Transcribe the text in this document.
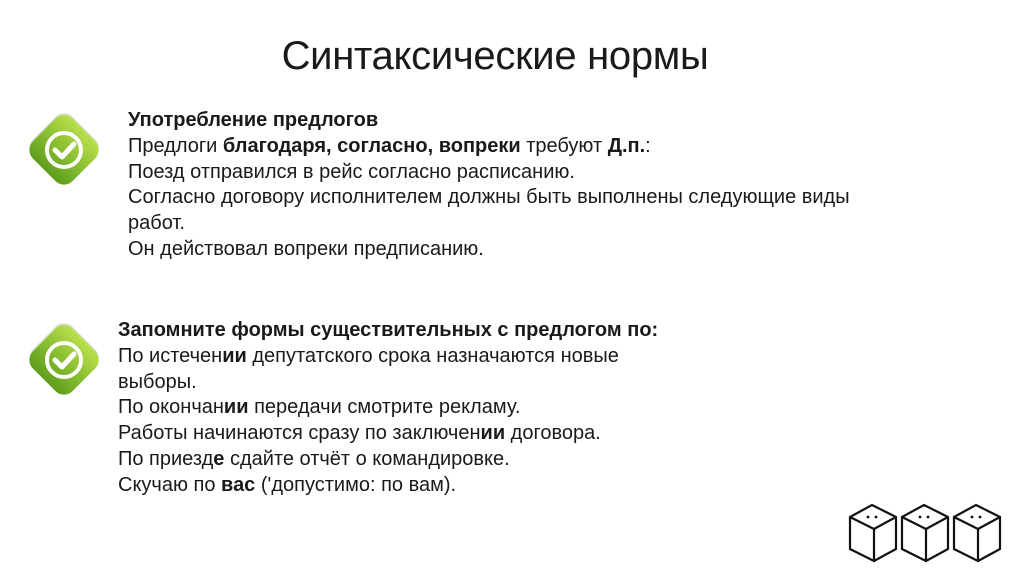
Синтаксические нормы
Употребление предлогов
Предлоги благодаря, согласно, вопреки требуют Д.п.:
Поезд отправился в рейс согласно расписанию.
Согласно договору исполнителем должны быть выполнены следующие виды
работ.
Он действовал вопреки предписанию.
Запомните формы существительных с предлогом по:
По истечении депутатского срока назначаются новые
выборы.
По окончании передачи смотрите рекламу.
Работы начинаются сразу по заключении договора.
По приезде сдайте отчёт о командировке.
Скучаю по вас ('допустимо: по вам).
